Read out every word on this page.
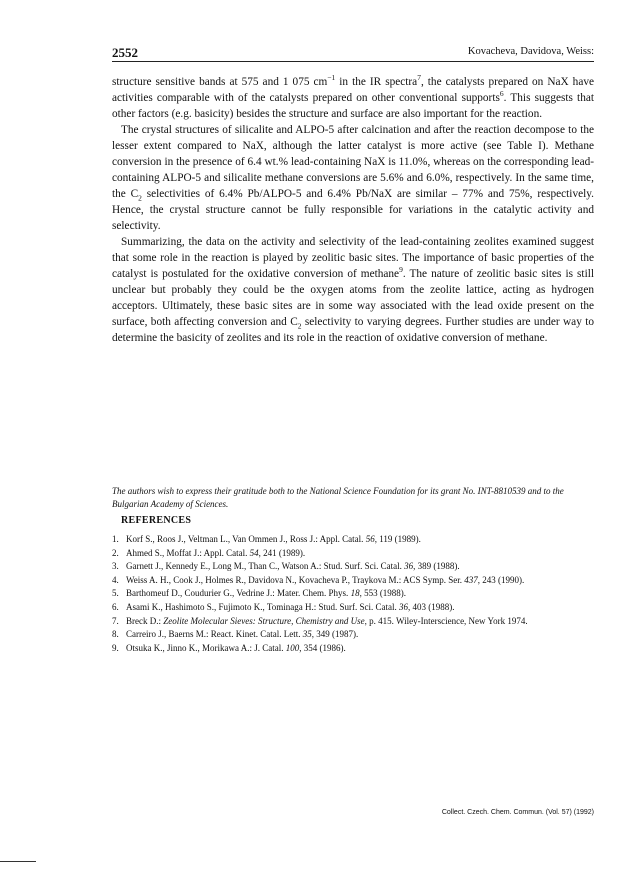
2552	Kovacheva, Davidova, Weiss:

structure sensitive bands at 575 and 1 075 $cm^{-1}$ in the IR spectra$^7$, the catalysts prepared on NaX have activities comparable with of the catalysts prepared on other conventional supports$^6$. This suggests that other factors (e.g. basicity) besides the structure and surface are also important for the reaction.

The crystal structures of silicalite and ALPO-5 after calcination and after the reaction decompose to the lesser extent compared to NaX, although the latter catalyst is more active (see Table I). Methane conversion in the presence of 6.4 wt.% lead-containing NaX is 11.0%, whereas on the corresponding lead-containing ALPO-5 and silicalite methane conversions are 5.6% and 6.0%, respectively. In the same time, the $C_2$ selectivities of 6.4% Pb/ALPO-5 and 6.4% Pb/NaX are similar – 77% and 75%, respectively. Hence, the crystal structure cannot be fully responsible for variations in the catalytic activity and selectivity.

Summarizing, the data on the activity and selectivity of the lead-containing zeolites examined suggest that some role in the reaction is played by zeolitic basic sites. The importance of basic properties of the catalyst is postulated for the oxidative conversion of methane$^9$. The nature of zeolitic basic sites is still unclear but probably they could be the oxygen atoms from the zeolite lattice, acting as hydrogen acceptors. Ultimately, these basic sites are in some way associated with the lead oxide present on the surface, both affecting conversion and $C_2$ selectivity to varying degrees. Further studies are under way to determine the basicity of zeolites and its role in the reaction of oxidative conversion of methane.

The authors wish to express their gratitude both to the National Science Foundation for its grant No. INT-8810539 and to the Bulgarian Academy of Sciences.
REFERENCES
1. Korf S., Roos J., Veltman L., Van Ommen J., Ross J.: Appl. Catal. 56, 119 (1989).
2. Ahmed S., Moffat J.: Appl. Catal. 54, 241 (1989).
3. Garnett J., Kennedy E., Long M., Than C., Watson A.: Stud. Surf. Sci. Catal. 36, 389 (1988).
4. Weiss A. H., Cook J., Holmes R., Davidova N., Kovacheva P., Traykova M.: ACS Symp. Ser. 437, 243 (1990).
5. Barthomeuf D., Coudurier G., Vedrine J.: Mater. Chem. Phys. 18, 553 (1988).
6. Asami K., Hashimoto S., Fujimoto K., Tominaga H.: Stud. Surf. Sci. Catal. 36, 403 (1988).
7. Breck D.: Zeolite Molecular Sieves: Structure, Chemistry and Use, p. 415. Wiley-Interscience, New York 1974.
8. Carreiro J., Baerns M.: React. Kinet. Catal. Lett. 35, 349 (1987).
9. Otsuka K., Jinno K., Morikawa A.: J. Catal. 100, 354 (1986).
Collect. Czech. Chem. Commun. (Vol. 57) (1992)
